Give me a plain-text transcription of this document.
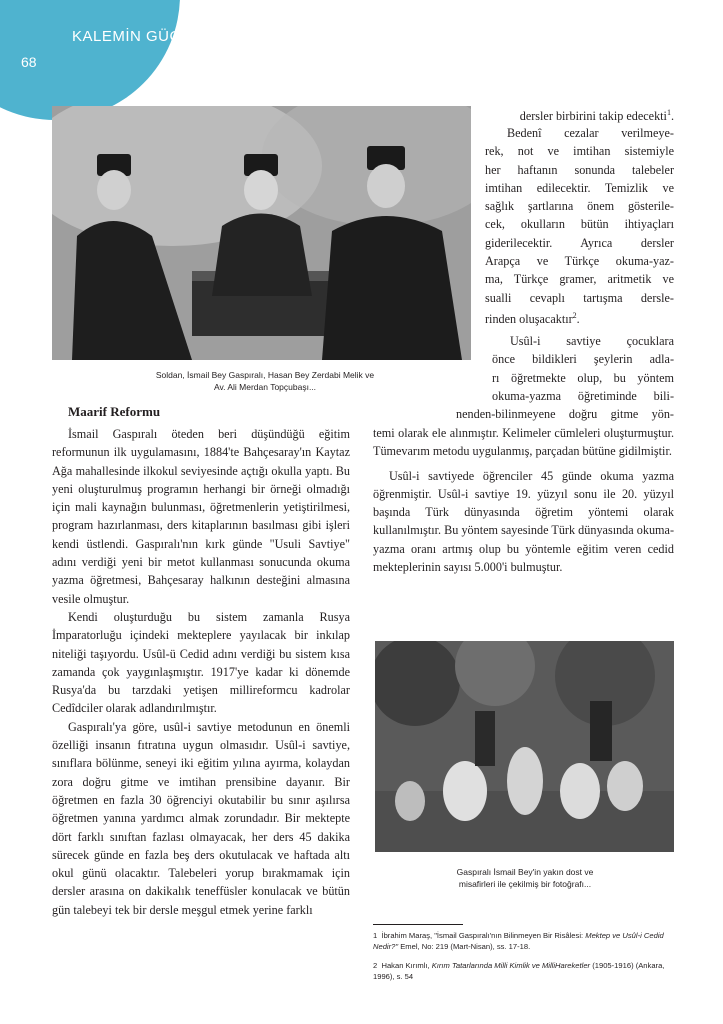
KALEMİN GÜCÜ
68
Soldan, İsmail Bey Gaspıralı, Hasan Bey Zerdabi Melik ve
Av. Ali Merdan Topçubaşı...
Gaspıralı İsmail Bey'in yakın dost ve
misafirleri ile çekilmiş bir fotoğrafı...
Maarif Reformu

İsmail Gaspıralı öteden beri düşündüğü eğitim reformunun ilk uygulamasını, 1884'te Bahçesaray'ın Kaytaz Ağa mahallesinde ilkokul seviyesinde açtığı okulla yaptı. Bu yeni oluşturulmuş programın herhangi bir örneği olmadığı için mali kaynağın bulunması, öğretmenlerin yetiştirilmesi, program hazırlanması, ders kitaplarının basılması gibi işleri kendi üstlendi. Gaspıralı'nın kırk günde "Usuli Savtiye" adını verdiği yeni bir metot kullanması sonucunda okuma yazma öğretmesi, Bahçesaray halkının desteğini almasına vesile olmuştur.

Kendi oluşturduğu bu sistem zamanla Rusya İmparatorluğu içindeki mekteplere yayılacak bir inkılap niteliği taşıyordu. Usûl-ü Cedid adını verdiği bu sistem kısa zamanda çok yaygınlaşmıştır. 1917'ye kadar ki dönemde Rusya'da bu tarzdaki yetişen millireformcu kadrolar Cedîdciler olarak adlandırılmıştır.

Gaspıralı'ya göre, usûl-i savtiye metodunun en önemli özelliği insanın fıtratına uygun olmasıdır. Usûl-i savtiye, sınıflara bölünme, seneyi iki eğitim yılına ayırma, kolaydan zora doğru gitme ve imtihan prensibine dayanır. Bir öğretmen en fazla 30 öğrenciyi okutabilir bu sınır aşılırsa öğretmen yanına yardımcı almak zorundadır. Bir mektepte dört farklı sınıftan fazlası olmayacak, her ders 45 dakika sürecek günde en fazla beş ders okutulacak ve haftada altı okul günü olacaktır. Talebeleri yorup bırakmamak için dersler arasına on dakikalık teneffüsler konulacak ve bütün gün talebeyi tek bir dersle meşgul etmek yerine farklı

dersler birbirini takip edecekti$^1$.
Bedenî cezalar verilmeye-
rek, not ve imtihan sistemiyle
her haftanın sonunda talebeler
imtihan edilecektir. Temizlik ve
sağlık şartlarına önem gösterile-
cek, okulların bütün ihtiyaçları
giderilecektir. Ayrıca dersler
Arapça ve Türkçe okuma-yaz-
ma, Türkçe gramer, aritmetik ve
sualli cevaplı tartışma dersle-
rinden oluşacaktır$^2$.
Usûl-i savtiye çocuklara
önce bildikleri şeylerin adla-
rı öğretmekte olup, bu yöntem
okuma-yazma öğretiminde bili-
nenden-bilinmeyene doğru gitme yön-

temi olarak ele alınmıştır. Kelimeler cümleleri oluşturmuştur. Tümevarım metodu uygulanmış, parçadan bütüne gidilmiştir.

Usûl-i savtiyede öğrenciler 45 günde okuma yazma öğrenmiştir. Usûl-i savtiye 19. yüzyıl sonu ile 20. yüzyıl başında Türk dünyasında öğretim yöntemi olarak kullanılmıştır. Bu yöntem sayesinde Türk dünyasında okuma-yazma oranı artmış olup bu yöntemle eğitim veren cedid mekteplerinin sayısı 5.000'i bulmuştur.

1 İbrahim Maraş, "İsmail Gaspıralı'nın Bilinmeyen Bir Risâlesi: Mektep ve Usûl-i Cedid Nedir?" Emel, No: 219 (Mart-Nisan), ss. 17-18.
2 Hakan Kırımlı, Kırım Tatarlarında Milli Kimlik ve MilliHareketler (1905-1916) (Ankara, 1996), s. 54
